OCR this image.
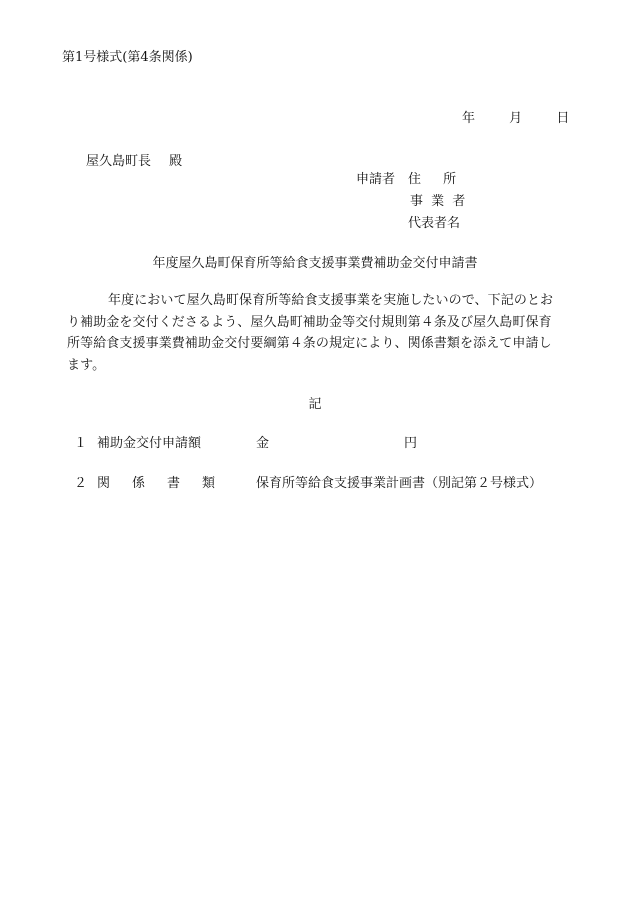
第1号様式(第4条関係)
年	月	日
屋久島町長 殿
申請者 住 所
事 業 者
代表者名
年度屋久島町保育所等給食支援事業費補助金交付申請書
年度において屋久島町保育所等給食支援事業を実施したいので、下記のとおり補助金を交付くださるよう、屋久島町補助金等交付規則第４条及び屋久島町保育所等給食支援事業費補助金交付要綱第４条の規定により、関係書類を添えて申請します。
記
１ 補助金交付申請額	金	円
２ 関 係 書 類	保育所等給食支援事業計画書（別記第２号様式）
